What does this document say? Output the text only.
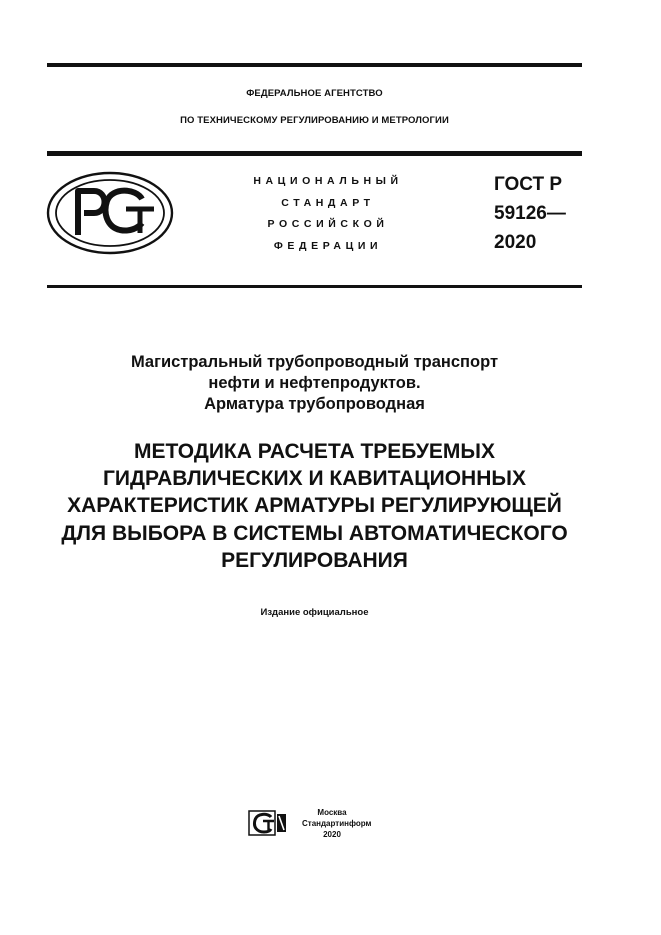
ФЕДЕРАЛЬНОЕ АГЕНТСТВО
ПО ТЕХНИЧЕСКОМУ РЕГУЛИРОВАНИЮ И МЕТРОЛОГИИ
НАЦИОНАЛЬНЫЙ
СТАНДАРТ
РОССИЙСКОЙ
ФЕДЕРАЦИИ
ГОСТ Р
59126—
2020
Магистральный трубопроводный транспорт
нефти и нефтепродуктов.
Арматура трубопроводная
МЕТОДИКА РАСЧЕТА ТРЕБУЕМЫХ
ГИДРАВЛИЧЕСКИХ И КАВИТАЦИОННЫХ
ХАРАКТЕРИСТИК АРМАТУРЫ РЕГУЛИРУЮЩЕЙ
ДЛЯ ВЫБОРА В СИСТЕМЫ АВТОМАТИЧЕСКОГО
РЕГУЛИРОВАНИЯ
Издание официальное
Москва
Стандартинформ
2020
